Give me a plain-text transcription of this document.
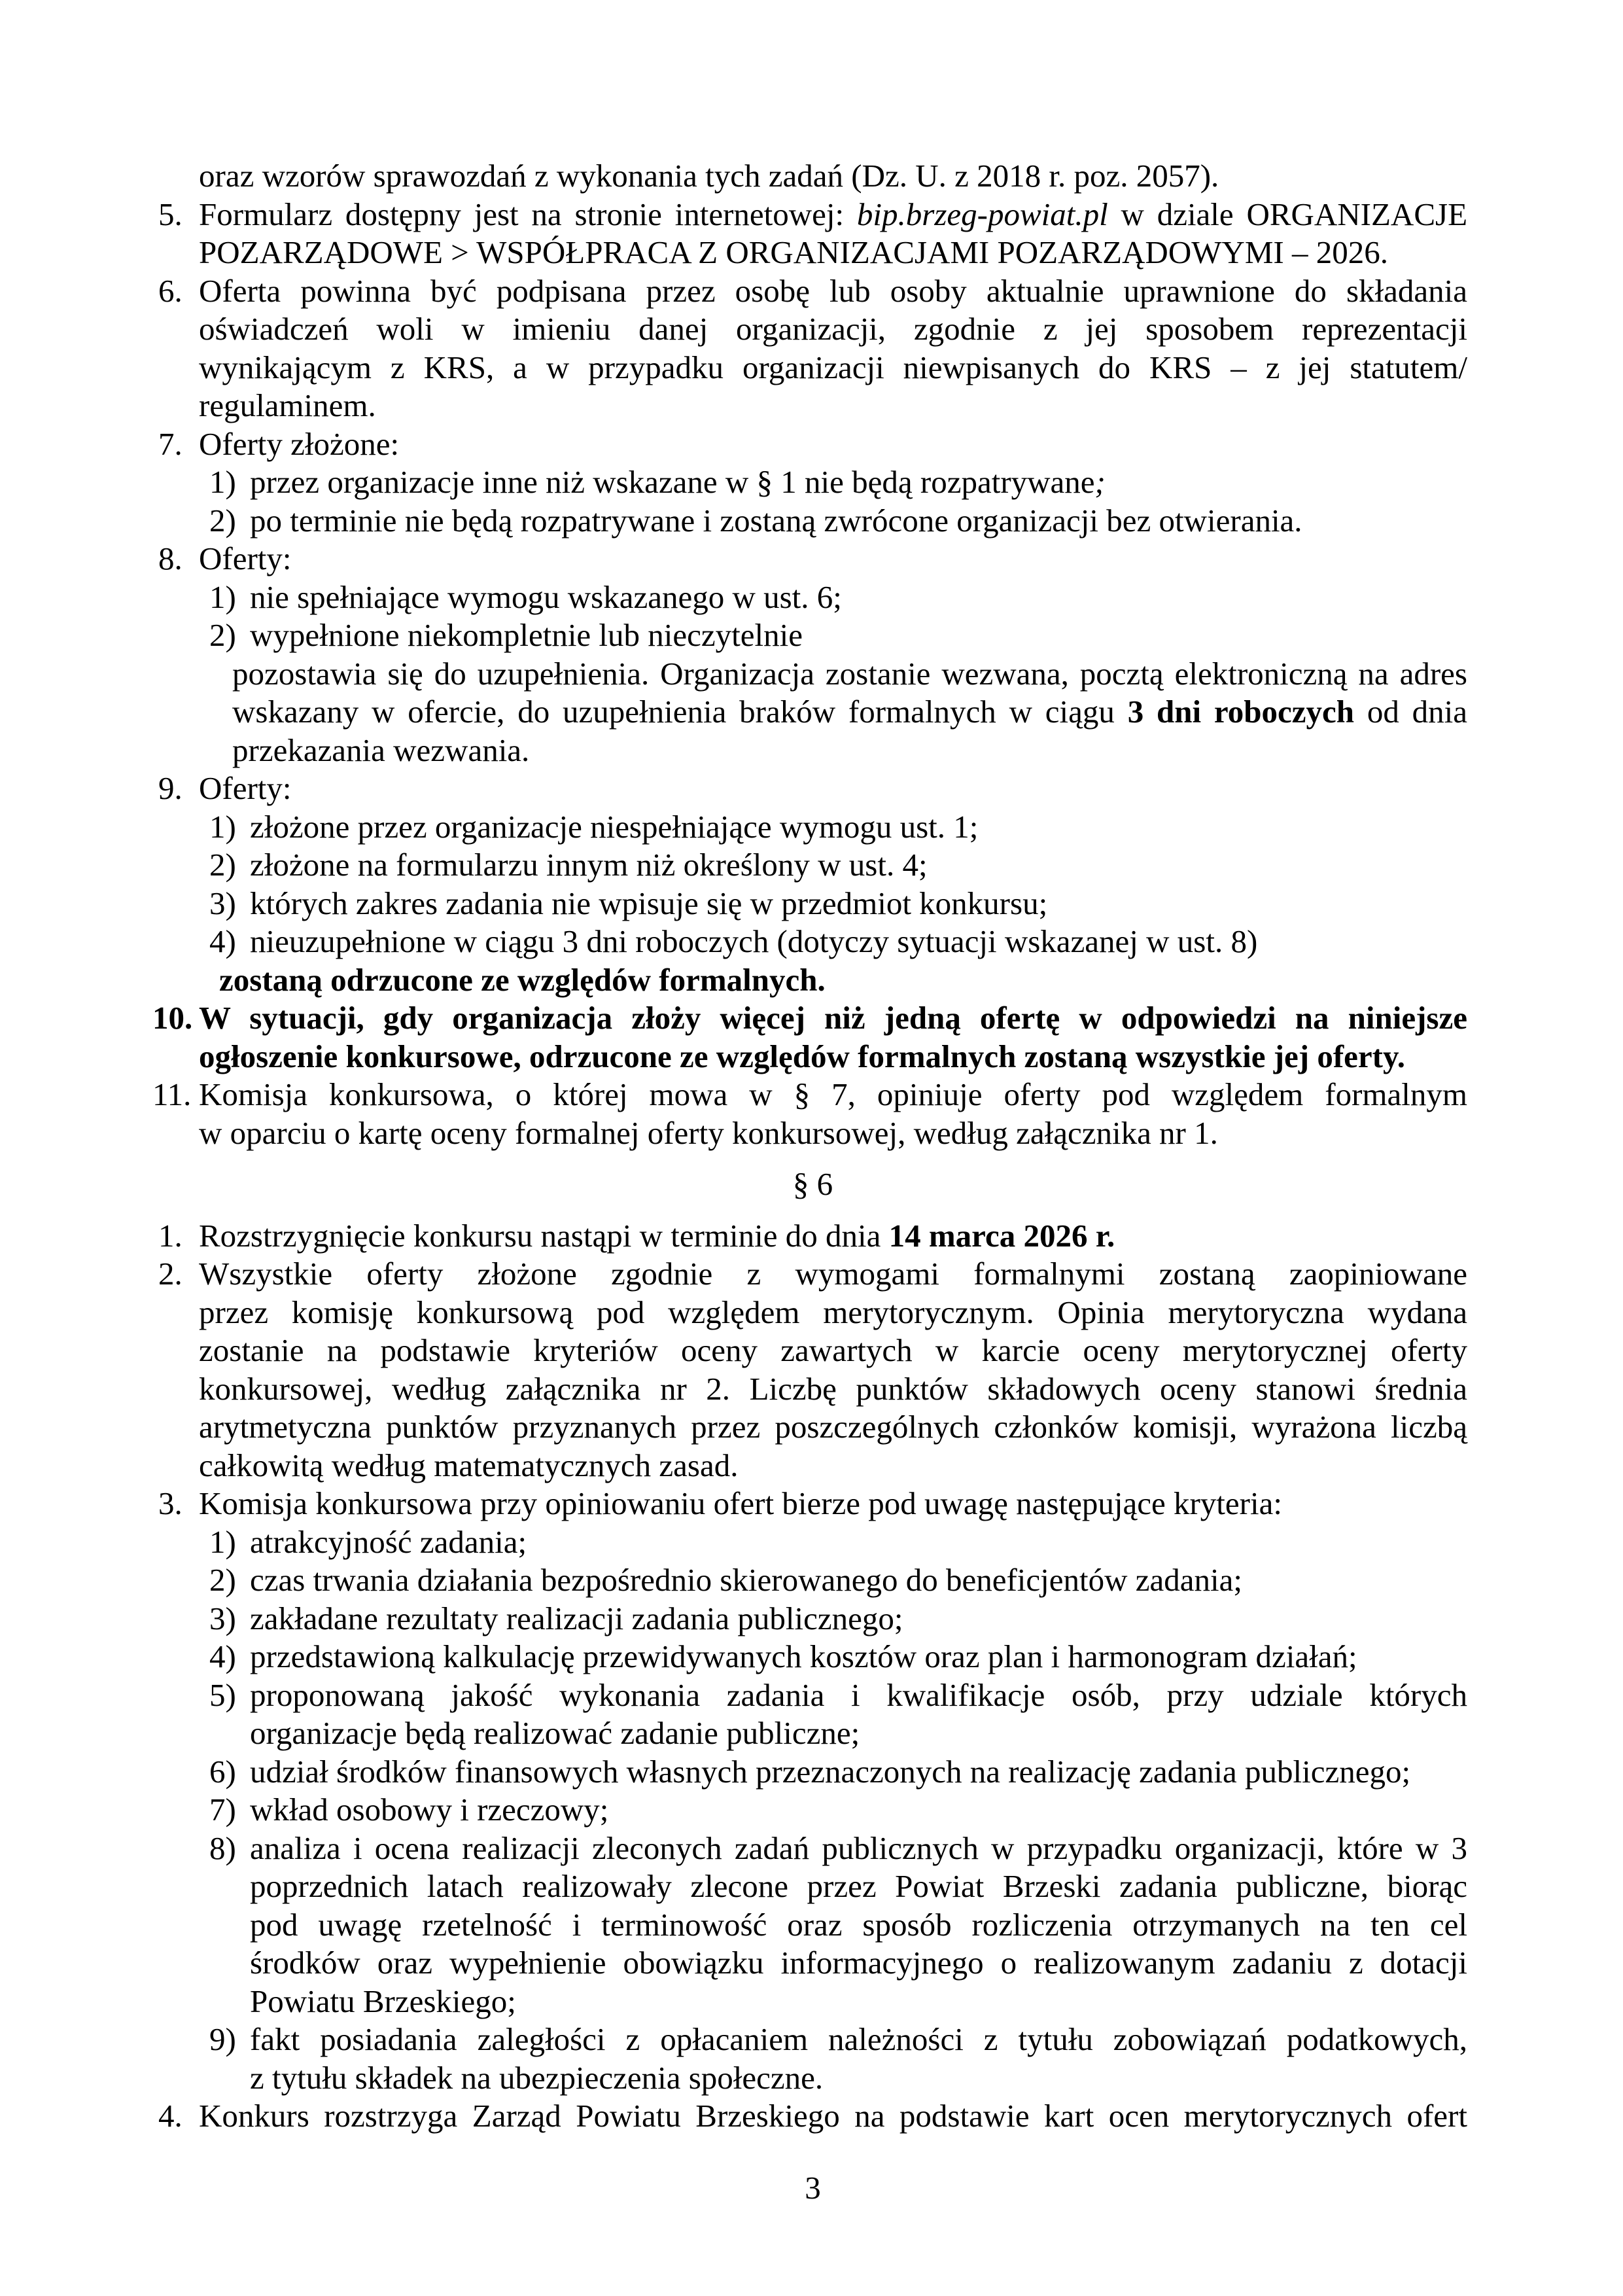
oraz wzorów sprawozdań z wykonania tych zadań (Dz. U. z 2018 r. poz. 2057).
5. Formularz dostępny jest na stronie internetowej: bip.brzeg-powiat.pl w dziale ORGANIZACJE
POZARZĄDOWE > WSPÓŁPRACA Z ORGANIZACJAMI POZARZĄDOWYMI – 2026.
6. Oferta powinna być podpisana przez osobę lub osoby aktualnie uprawnione do składania
oświadczeń woli w imieniu danej organizacji, zgodnie z jej sposobem reprezentacji
wynikającym z KRS, a w przypadku organizacji niewpisanych do KRS – z jej statutem/
regulaminem.
7. Oferty złożone:
1) przez organizacje inne niż wskazane w § 1 nie będą rozpatrywane;
2) po terminie nie będą rozpatrywane i zostaną zwrócone organizacji bez otwierania.
8. Oferty:
1) nie spełniające wymogu wskazanego w ust. 6;
2) wypełnione niekompletnie lub nieczytelnie
pozostawia się do uzupełnienia. Organizacja zostanie wezwana, pocztą elektroniczną na adres
wskazany w ofercie, do uzupełnienia braków formalnych w ciągu 3 dni roboczych od dnia
przekazania wezwania.
9. Oferty:
1) złożone przez organizacje niespełniające wymogu ust. 1;
2) złożone na formularzu innym niż określony w ust. 4;
3) których zakres zadania nie wpisuje się w przedmiot konkursu;
4) nieuzupełnione w ciągu 3 dni roboczych (dotyczy sytuacji wskazanej w ust. 8)
zostaną odrzucone ze względów formalnych.
10. W sytuacji, gdy organizacja złoży więcej niż jedną ofertę w odpowiedzi na niniejsze
ogłoszenie konkursowe, odrzucone ze względów formalnych zostaną wszystkie jej oferty.
11. Komisja konkursowa, o której mowa w § 7, opiniuje oferty pod względem formalnym
w oparciu o kartę oceny formalnej oferty konkursowej, według załącznika nr 1.
§ 6
1. Rozstrzygnięcie konkursu nastąpi w terminie do dnia 14 marca 2026 r.
2. Wszystkie oferty złożone zgodnie z wymogami formalnymi zostaną zaopiniowane
przez komisję konkursową pod względem merytorycznym. Opinia merytoryczna wydana
zostanie na podstawie kryteriów oceny zawartych w karcie oceny merytorycznej oferty
konkursowej, według załącznika nr 2. Liczbę punktów składowych oceny stanowi średnia
arytmetyczna punktów przyznanych przez poszczególnych członków komisji, wyrażona liczbą
całkowitą według matematycznych zasad.
3. Komisja konkursowa przy opiniowaniu ofert bierze pod uwagę następujące kryteria:
1) atrakcyjność zadania;
2) czas trwania działania bezpośrednio skierowanego do beneficjentów zadania;
3) zakładane rezultaty realizacji zadania publicznego;
4) przedstawioną kalkulację przewidywanych kosztów oraz plan i harmonogram działań;
5) proponowaną jakość wykonania zadania i kwalifikacje osób, przy udziale których
organizacje będą realizować zadanie publiczne;
6) udział środków finansowych własnych przeznaczonych na realizację zadania publicznego;
7) wkład osobowy i rzeczowy;
8) analiza i ocena realizacji zleconych zadań publicznych w przypadku organizacji, które w 3
poprzednich latach realizowały zlecone przez Powiat Brzeski zadania publiczne, biorąc
pod uwagę rzetelność i terminowość oraz sposób rozliczenia otrzymanych na ten cel
środków oraz wypełnienie obowiązku informacyjnego o realizowanym zadaniu z dotacji
Powiatu Brzeskiego;
9) fakt posiadania zaległości z opłacaniem należności z tytułu zobowiązań podatkowych,
z tytułu składek na ubezpieczenia społeczne.
4. Konkurs rozstrzyga Zarząd Powiatu Brzeskiego na podstawie kart ocen merytorycznych ofert
3
